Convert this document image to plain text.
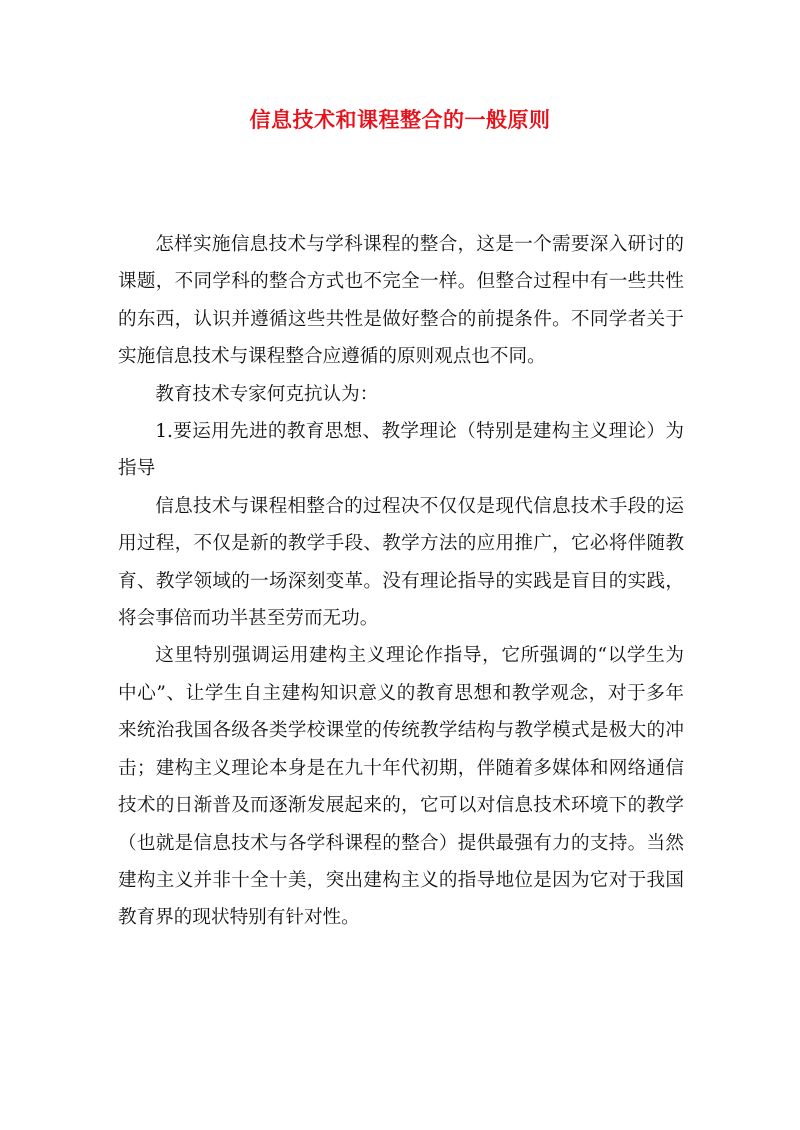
信息技术和课程整合的一般原则

怎样实施信息技术与学科课程的整合，这是一个需要深入研讨的课题，不同学科的整合方式也不完全一样。但整合过程中有一些共性的东西，认识并遵循这些共性是做好整合的前提条件。不同学者关于实施信息技术与课程整合应遵循的原则观点也不同。

教育技术专家何克抗认为：

1.要运用先进的教育思想、教学理论（特别是建构主义理论）为指导

信息技术与课程相整合的过程决不仅仅是现代信息技术手段的运用过程，不仅是新的教学手段、教学方法的应用推广，它必将伴随教育、教学领域的一场深刻变革。没有理论指导的实践是盲目的实践，将会事倍而功半甚至劳而无功。

这里特别强调运用建构主义理论作指导，它所强调的“以学生为中心”、让学生自主建构知识意义的教育思想和教学观念，对于多年来统治我国各级各类学校课堂的传统教学结构与教学模式是极大的冲击；建构主义理论本身是在九十年代初期，伴随着多媒体和网络通信技术的日渐普及而逐渐发展起来的，它可以对信息技术环境下的教学（也就是信息技术与各学科课程的整合）提供最强有力的支持。当然建构主义并非十全十美，突出建构主义的指导地位是因为它对于我国教育界的现状特别有针对性。
